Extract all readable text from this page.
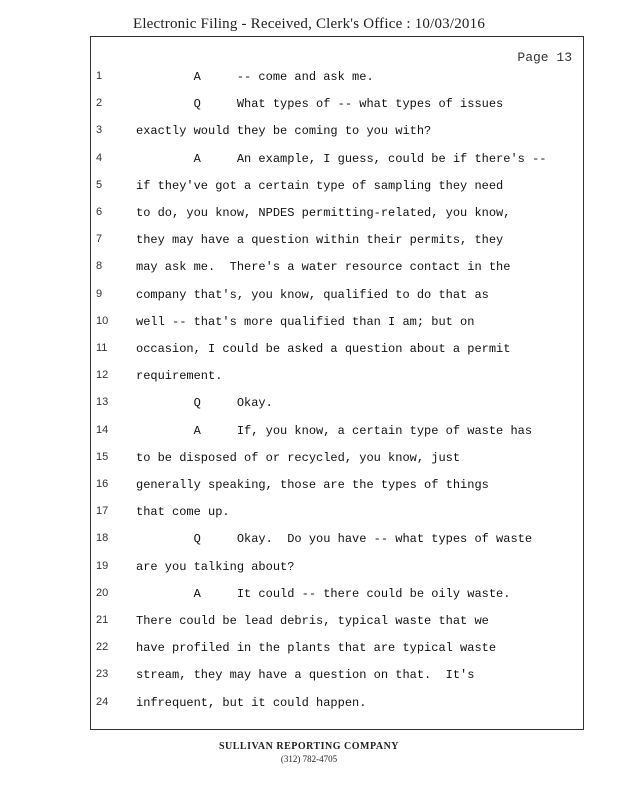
Electronic Filing - Received, Clerk's Office : 10/03/2016
Page 13
1	A     -- come and ask me.
2	Q     What types of -- what types of issues
3	exactly would they be coming to you with?
4	A     An example, I guess, could be if there's --
5	if they've got a certain type of sampling they need
6	to do, you know, NPDES permitting-related, you know,
7	they may have a question within their permits, they
8	may ask me.  There's a water resource contact in the
9	company that's, you know, qualified to do that as
10	well -- that's more qualified than I am; but on
11	occasion, I could be asked a question about a permit
12	requirement.
13	Q     Okay.
14	A     If, you know, a certain type of waste has
15	to be disposed of or recycled, you know, just
16	generally speaking, those are the types of things
17	that come up.
18	Q     Okay.  Do you have -- what types of waste
19	are you talking about?
20	A     It could -- there could be oily waste.
21	There could be lead debris, typical waste that we
22	have profiled in the plants that are typical waste
23	stream, they may have a question on that.  It's
24	infrequent, but it could happen.
SULLIVAN REPORTING COMPANY
(312) 782-4705
